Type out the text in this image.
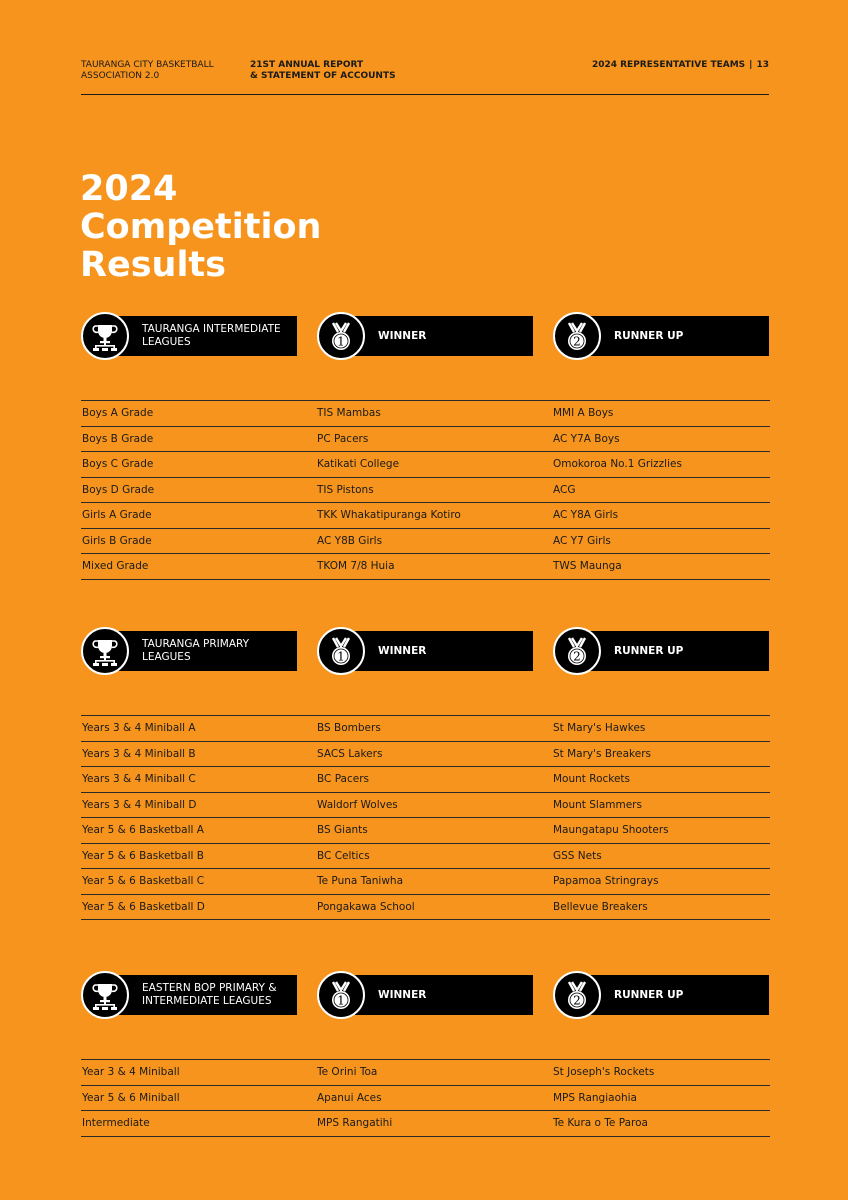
TAURANGA CITY BASKETBALL
ASSOCIATION 2.0
21ST ANNUAL REPORT
& STATEMENT OF ACCOUNTS
2024 REPRESENTATIVE TEAMS | 13
2024
Competition
Results
TAURANGA INTERMEDIATE
LEAGUES	1	WINNER	2	RUNNER UP
Boys A Grade	TIS Mambas	MMI A Boys
Boys B Grade	PC Pacers	AC Y7A Boys
Boys C Grade	Katikati College	Omokoroa No.1 Grizzlies
Boys D Grade	TIS Pistons	ACG
Girls A Grade	TKK Whakatipuranga Kotiro	AC Y8A Girls
Girls B Grade	AC Y8B Girls	AC Y7 Girls
Mixed Grade	TKOM 7/8 Huia	TWS Maunga
TAURANGA PRIMARY
LEAGUES	1	WINNER	2	RUNNER UP
Years 3 & 4 Miniball A	BS Bombers	St Mary's Hawkes
Years 3 & 4 Miniball B	SACS Lakers	St Mary's Breakers
Years 3 & 4 Miniball C	BC Pacers	Mount Rockets
Years 3 & 4 Miniball D	Waldorf Wolves	Mount Slammers
Year 5 & 6 Basketball A	BS Giants	Maungatapu Shooters
Year 5 & 6 Basketball B	BC Celtics	GSS Nets
Year 5 & 6 Basketball C	Te Puna Taniwha	Papamoa Stringrays
Year 5 & 6 Basketball D	Pongakawa School	Bellevue Breakers
EASTERN BOP PRIMARY &
INTERMEDIATE LEAGUES	1	WINNER	2	RUNNER UP
Year 3 & 4 Miniball	Te Orini Toa	St Joseph's Rockets
Year 5 & 6 Miniball	Apanui Aces	MPS Rangiaohia
Intermediate	MPS Rangatihi	Te Kura o Te Paroa
